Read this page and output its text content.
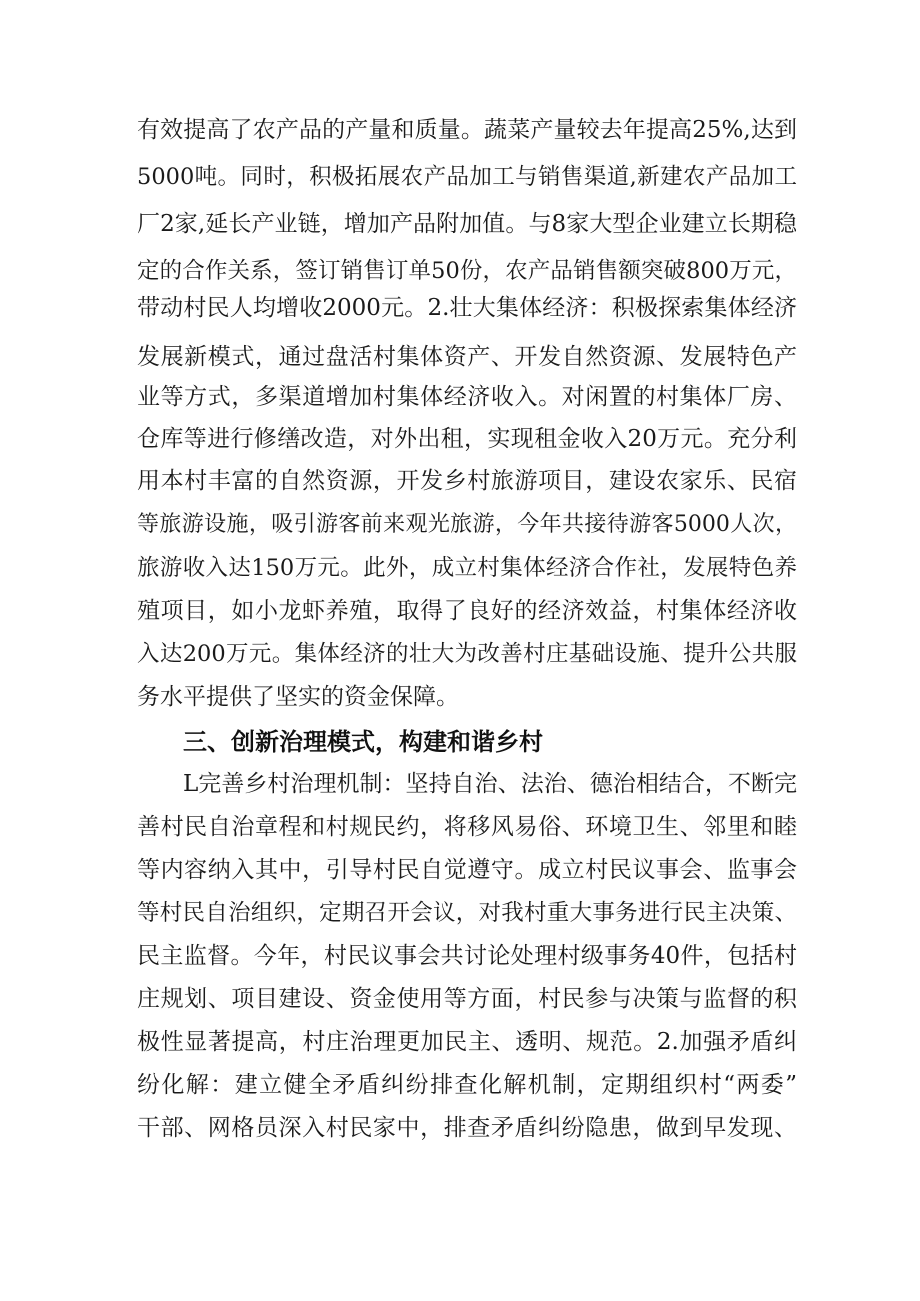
有效提高了农产品的产量和质量。蔬菜产量较去年提高25%,达到
5000吨。同时，积极拓展农产品加工与销售渠道,新建农产品加工
厂2家,延长产业链，增加产品附加值。与8家大型企业建立长期稳
定的合作关系，签订销售订单50份，农产品销售额突破800万元，
带动村民人均增收2000元。2.壮大集体经济：积极探索集体经济
发展新模式，通过盘活村集体资产、开发自然资源、发展特色产
业等方式，多渠道增加村集体经济收入。对闲置的村集体厂房、
仓库等进行修缮改造，对外出租，实现租金收入20万元。充分利
用本村丰富的自然资源，开发乡村旅游项目，建设农家乐、民宿
等旅游设施，吸引游客前来观光旅游，今年共接待游客5000人次，
旅游收入达150万元。此外，成立村集体经济合作社，发展特色养
殖项目，如小龙虾养殖，取得了良好的经济效益，村集体经济收
入达200万元。集体经济的壮大为改善村庄基础设施、提升公共服
务水平提供了坚实的资金保障。
三、创新治理模式，构建和谐乡村
L完善乡村治理机制：坚持自治、法治、德治相结合，不断完
善村民自治章程和村规民约，将移风易俗、环境卫生、邻里和睦
等内容纳入其中，引导村民自觉遵守。成立村民议事会、监事会
等村民自治组织，定期召开会议，对我村重大事务进行民主决策、
民主监督。今年，村民议事会共讨论处理村级事务40件，包括村
庄规划、项目建设、资金使用等方面，村民参与决策与监督的积
极性显著提高，村庄治理更加民主、透明、规范。2.加强矛盾纠
纷化解：建立健全矛盾纠纷排查化解机制，定期组织村“两委”
干部、网格员深入村民家中，排查矛盾纠纷隐患，做到早发现、
